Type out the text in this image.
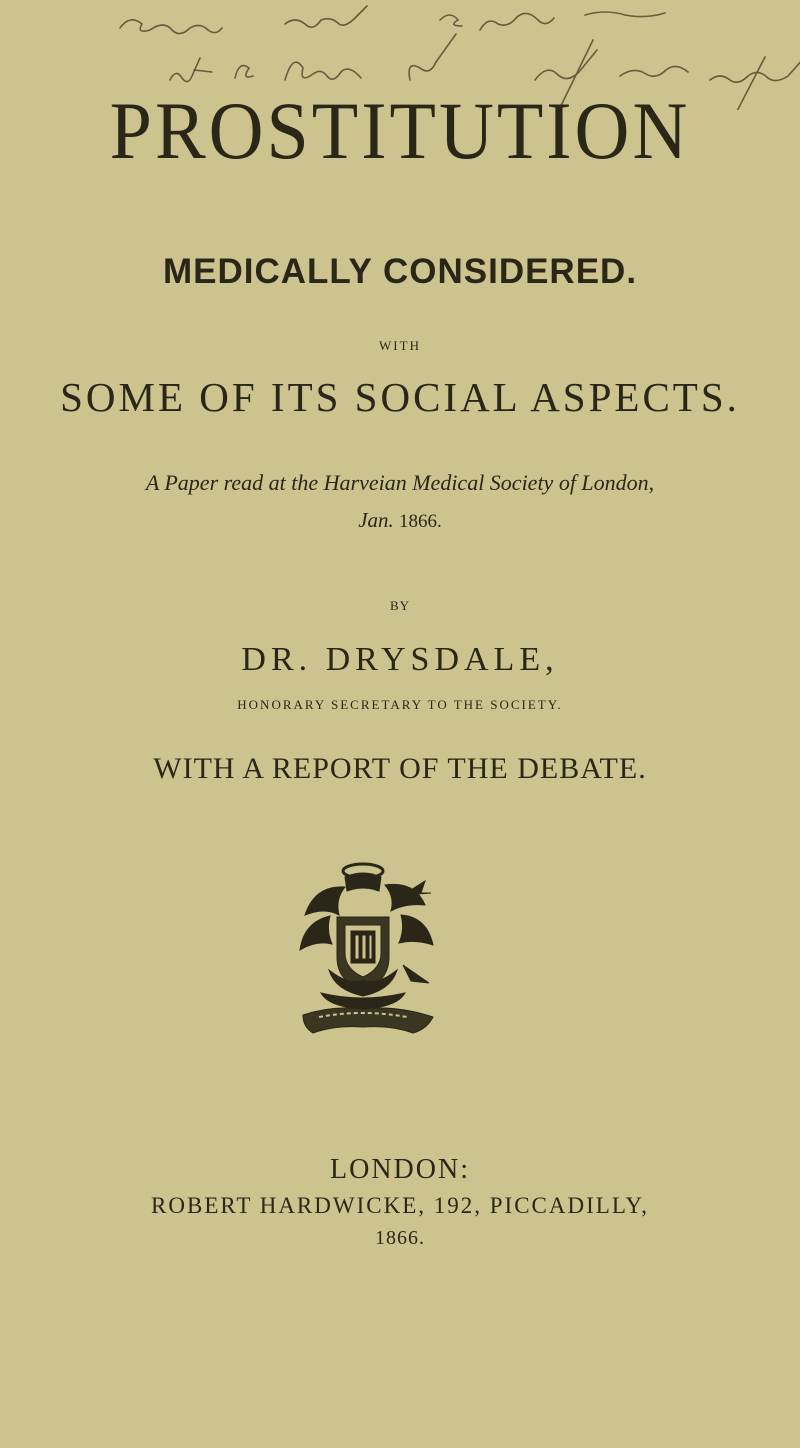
PROSTITUTION
MEDICALLY CONSIDERED.
WITH
SOME OF ITS SOCIAL ASPECTS.
A Paper read at the Harveian Medical Society of London,
Jan. 1866.
BY
DR. DRYSDALE,
HONORARY SECRETARY TO THE SOCIETY.
WITH A REPORT OF THE DEBATE.
LONDON:
ROBERT HARDWICKE, 192, PICCADILLY,
1866.
